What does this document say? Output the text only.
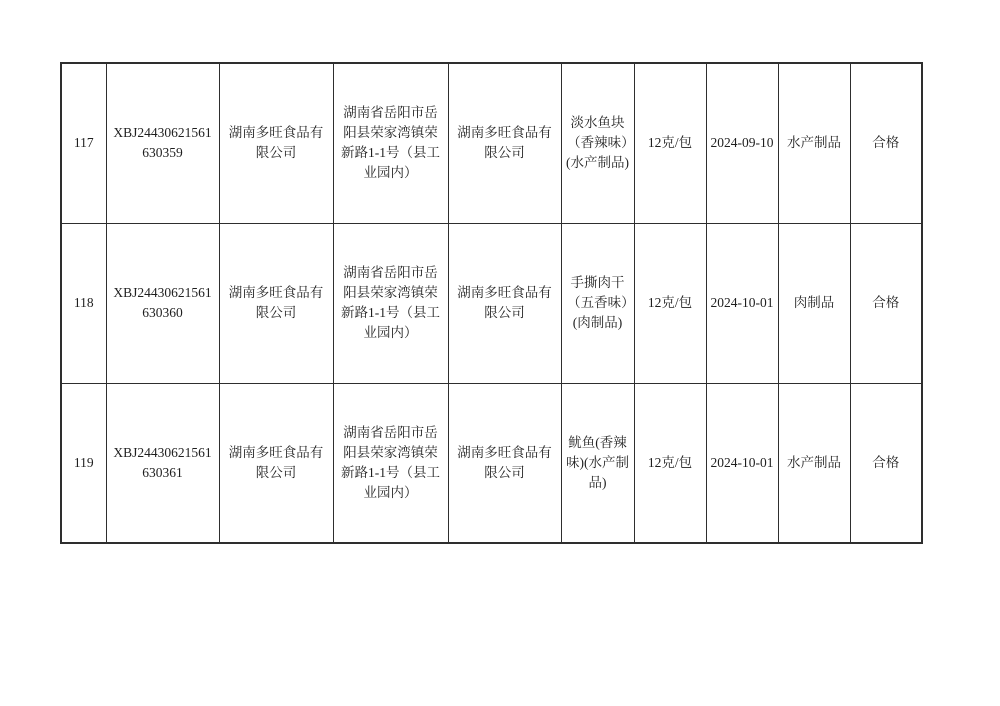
117	XBJ24430621561630359	湖南多旺食品有限公司	湖南省岳阳市岳阳县荣家湾镇荣新路1-1号（县工业园内）	湖南多旺食品有限公司	淡水鱼块（香辣味）(水产制品)	12克/包	2024-09-10	水产制品	合格
118	XBJ24430621561630360	湖南多旺食品有限公司	湖南省岳阳市岳阳县荣家湾镇荣新路1-1号（县工业园内）	湖南多旺食品有限公司	手撕肉干（五香味）(肉制品)	12克/包	2024-10-01	肉制品	合格
119	XBJ24430621561630361	湖南多旺食品有限公司	湖南省岳阳市岳阳县荣家湾镇荣新路1-1号（县工业园内）	湖南多旺食品有限公司	鱿鱼(香辣味)(水产制品)	12克/包	2024-10-01	水产制品	合格
